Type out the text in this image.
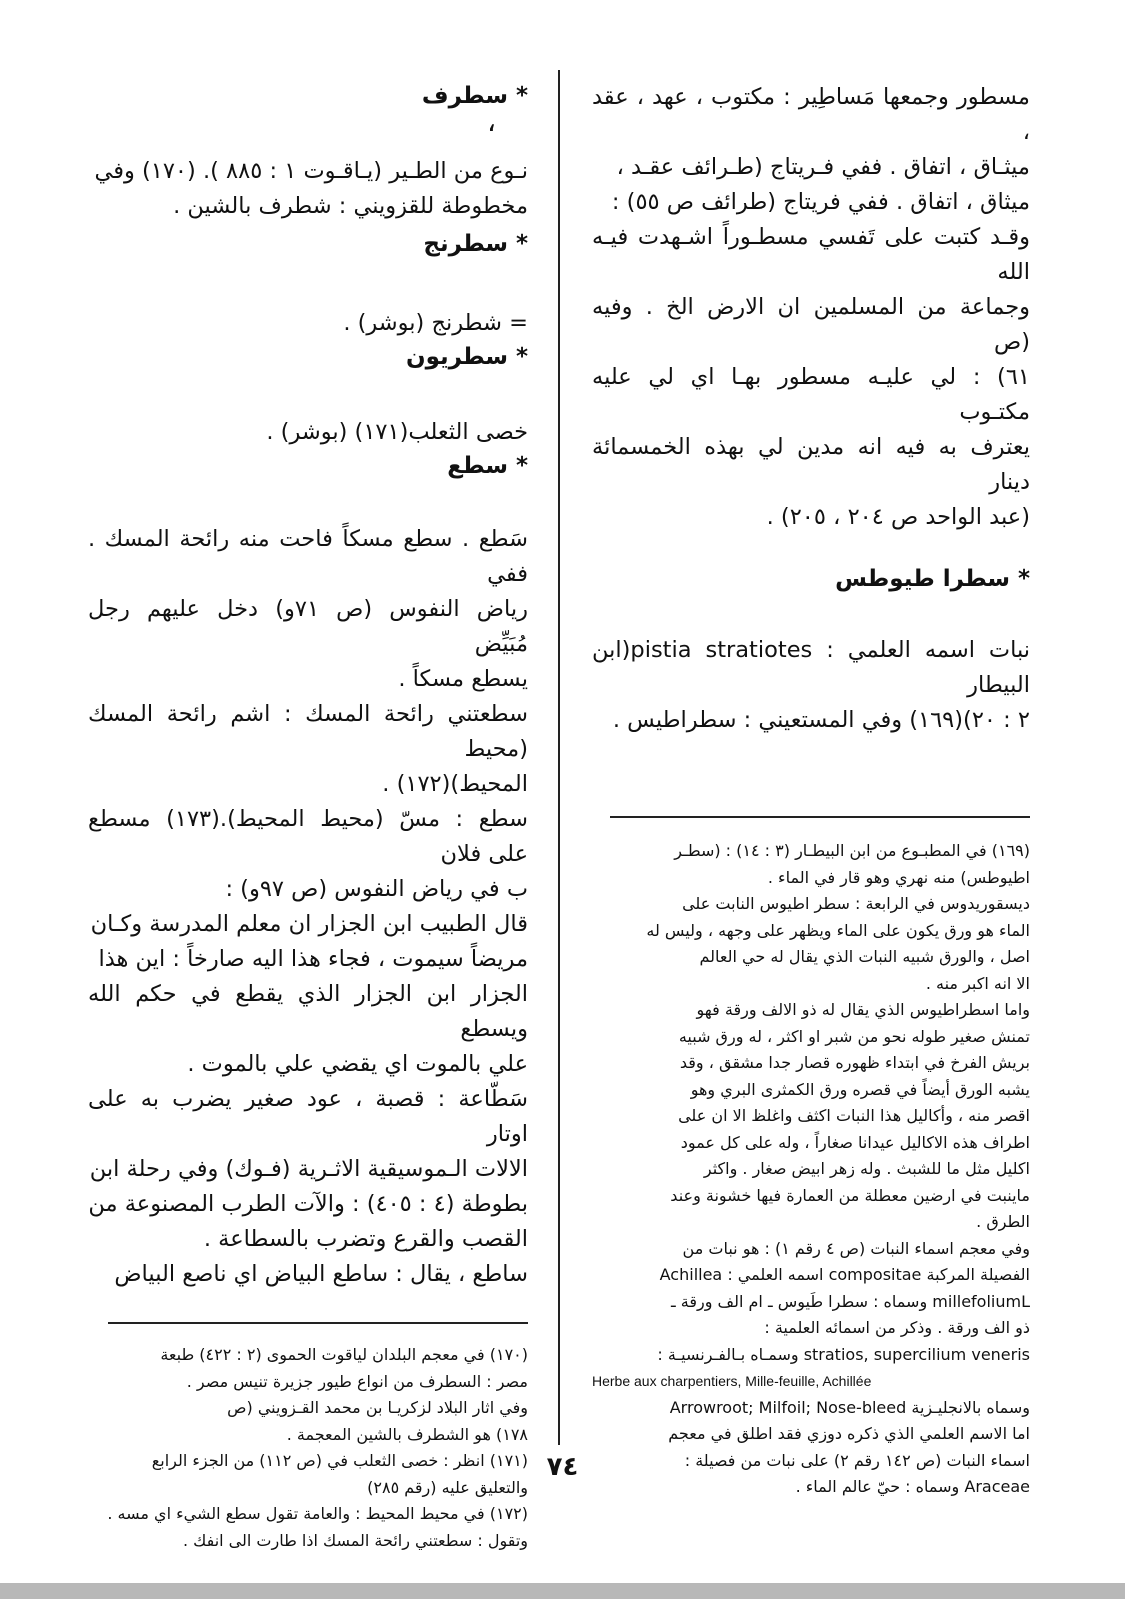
مسطور وجمعها مَساطِير : مكتوب ، عهد ، عقد ،

ميثـاق ، اتفاق . ففي فـريتاج (طـرائف عقـد ،

ميثاق ، اتفاق . ففي فريتاج (طرائف ص ٥٥) :

وقـد كتبت على تَفسي مسطـوراً اشـهدت فيـه الله

وجماعة من المسلمين ان الارض الخ . وفيه (ص

٦١) : لي عليـه مسطور بهـا اي لي عليه مكتـوب

يعترف به فيه انه مدين لي بهذه الخمسمائة دينار

(عبد الواحد ص ٢٠٤ ، ٢٠٥) .

* سطرا طيوطس

نبات اسمه العلمي : pistia stratiotes(ابن البيطار

٢ : ٢٠)(١٦٩) وفي المستعيني : سطراطيس .

(١٦٩) في المطبـوع من ابن البيطـار (٣ : ١٤) : (سطـر

اطيوطس) منه نهري وهو قار في الماء .

ديسقوريدوس في الرابعة : سطر اطيوس النابت على

الماء هو ورق يكون على الماء ويظهر على وجهه ، وليس له

اصل ، والورق شبيه النبات الذي يقال له حي العالم

الا انه اكبر منه .

واما اسطراطيوس الذي يقال له ذو الالف ورقة فهو

تمنش صغير طوله نحو من شبر او اكثر ، له ورق شبيه

بريش الفرخ في ابتداء ظهوره قصار جدا مشقق ، وقد

يشبه الورق أيضاً في قصره ورق الكمثرى البري وهو

اقصر منه ، وأكاليل هذا النبات اكثف واغلظ الا ان على

اطراف هذه الاكاليل عيدانا صغاراً ، وله على كل عمود

اكليل مثل ما للشبث . وله زهر ابيض صغار . واكثر

ماينبت في ارضين معطلة من العمارة فيها خشونة وعند

الطرق .

وفي معجم اسماء النبات (ص ٤ رقم ١) : هو نبات من

الفصيلة المركبة compositae اسمه العلمي : Achillea

millefoliumL وسماه : سطرا طَيوس ـ ام الف ورقة ـ

ذو الف ورقة . وذكر من اسمائه العلمية :

stratios, supercilium veneris وسمـاه بـالفـرنسيـة :

Herbe aux charpentiers, Mille-feuille, Achillée

وسماه بالانجليـزية Arrowroot; Milfoil; Nose-bleed

اما الاسم العلمي الذي ذكره دوزي فقد اطلق في معجم

اسماء النبات (ص ١٤٢ رقم ٢) على نبات من فصيلة :

Araceae وسماه : حيّ عالم الماء .

* سطرف

،

نـوع من الطـير (يـاقـوت ١ : ٨٨٥ ). (١٧٠) وفي

مخطوطة للقزويني : شطرف بالشين .

* سطرنج

= شطرنج (بوشر) .

* سطريون

خصى الثعلب(١٧١) (بوشر) .

* سطع

سَطع . سطع مسكاً فاحت منه رائحة المسك . ففي

رياض النفوس (ص ٧١و) دخل عليهم رجل مُبَيِّض

يسطع مسكاً .

سطعتني رائحة المسك : اشم رائحة المسك (محيط

المحيط)(١٧٢) .

سطع : مسّ (محيط المحيط).(١٧٣) مسطع على فلان

ب في رياض النفوس (ص ٩٧و) :

قال الطبيب ابن الجزار ان معلم المدرسة وكـان

مريضاً سيموت ، فجاء هذا اليه صارخاً : اين هذا

الجزار ابن الجزار الذي يقطع في حكم الله ويسطع

علي بالموت اي يقضي علي بالموت .

سَطّاعة : قصبة ، عود صغير يضرب به على اوتار

الالات الـموسيقية الاثـرية (فـوك) وفي رحلة ابن

بطوطة (٤ : ٤٠٥) : والآت الطرب المصنوعة من

القصب والقرع وتضرب بالسطاعة .

ساطع ، يقال : ساطع البياض اي ناصع البياض

(١٧٠) في معجم البلدان لياقوت الحموى (٢ : ٤٢٢) طبعة

مصر : السطرف من انواع طيور جزيرة تنيس مصر .

وفي اثار البلاد لزكريـا بن محمد القـزويني (ص

١٧٨) هو الشطرف بالشين المعجمة .

(١٧١) انظر : خصى الثعلب في (ص ١١٢) من الجزء الرابع

والتعليق عليه (رقم ٢٨٥)

(١٧٢) في محيط المحيط : والعامة تقول سطع الشيء اي مسه .

وتقول : سطعتني رائحة المسك اذا طارت الى انفك .

٧٤
